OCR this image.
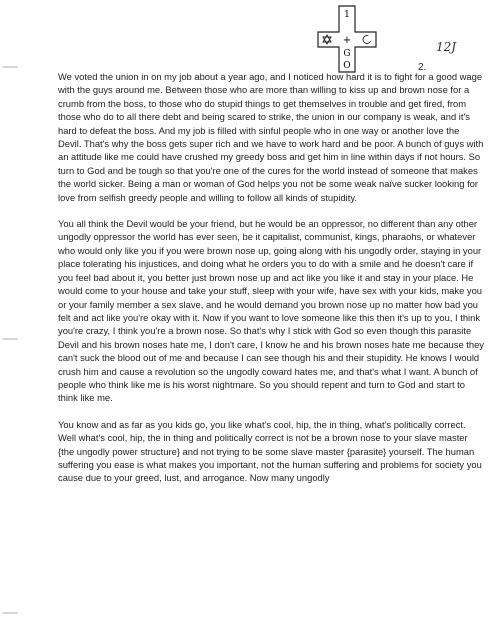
1
+
G
O
12J
2.

We voted the union in on my job about a year ago, and I noticed how hard it is to fight for a good wage with the guys around me. Between those who are more than willing to kiss up and brown nose for a crumb from the boss, to those who do stupid things to get themselves in trouble and get fired, from those who do to all there debt and being scared to strike, the union in our company is weak, and it's hard to defeat the boss. And my job is filled with sinful people who in one way or another love the Devil. That's why the boss gets super rich and we have to work hard and be poor. A bunch of guys with an attitude like me could have crushed my greedy boss and get him in line within days if not hours. So turn to God and be tough so that you're one of the cures for the world instead of someone that makes the world sicker. Being a man or woman of God helps you not be some weak naïve sucker looking for love from selfish greedy people and willing to follow all kinds of stupidity.

You all think the Devil would be your friend, but he would be an oppressor, no different than any other ungodly oppressor the world has ever seen, be it capitalist, communist, kings, pharaohs, or whatever who would only like you if you were brown nose up, going along with his ungodly order, staying in your place tolerating his injustices, and doing what he orders you to do with a smile and he doesn't care if you feel bad about it, you better just brown nose up and act like you like it and stay in your place. He would come to your house and take your stuff, sleep with your wife, have sex with your kids, make you or your family member a sex slave, and he would demand you brown nose up no matter how bad you felt and act like you're okay with it. Now if you want to love someone like this then it's up to you, I think you're crazy, I think you're a brown nose. So that's why I stick with God so even though this parasite Devil and his brown noses hate me, I don't care, I know he and his brown noses hate me because they can't suck the blood out of me and because I can see though his and their stupidity. He knows I would crush him and cause a revolution so the ungodly coward hates me, and that's what I want. A bunch of people who think like me is his worst nightmare. So you should repent and turn to God and start to think like me.

You know and as far as you kids go, you like what's cool, hip, the in thing, what's politically correct. Well what's cool, hip, the in thing and politically correct is not be a brown nose to your slave master {the ungodly power structure} and not trying to be some slave master {parasite} yourself. The human suffering you ease is what makes you important, not the human suffering and problems for society you cause due to your greed, lust, and arrogance. Now many ungodly
